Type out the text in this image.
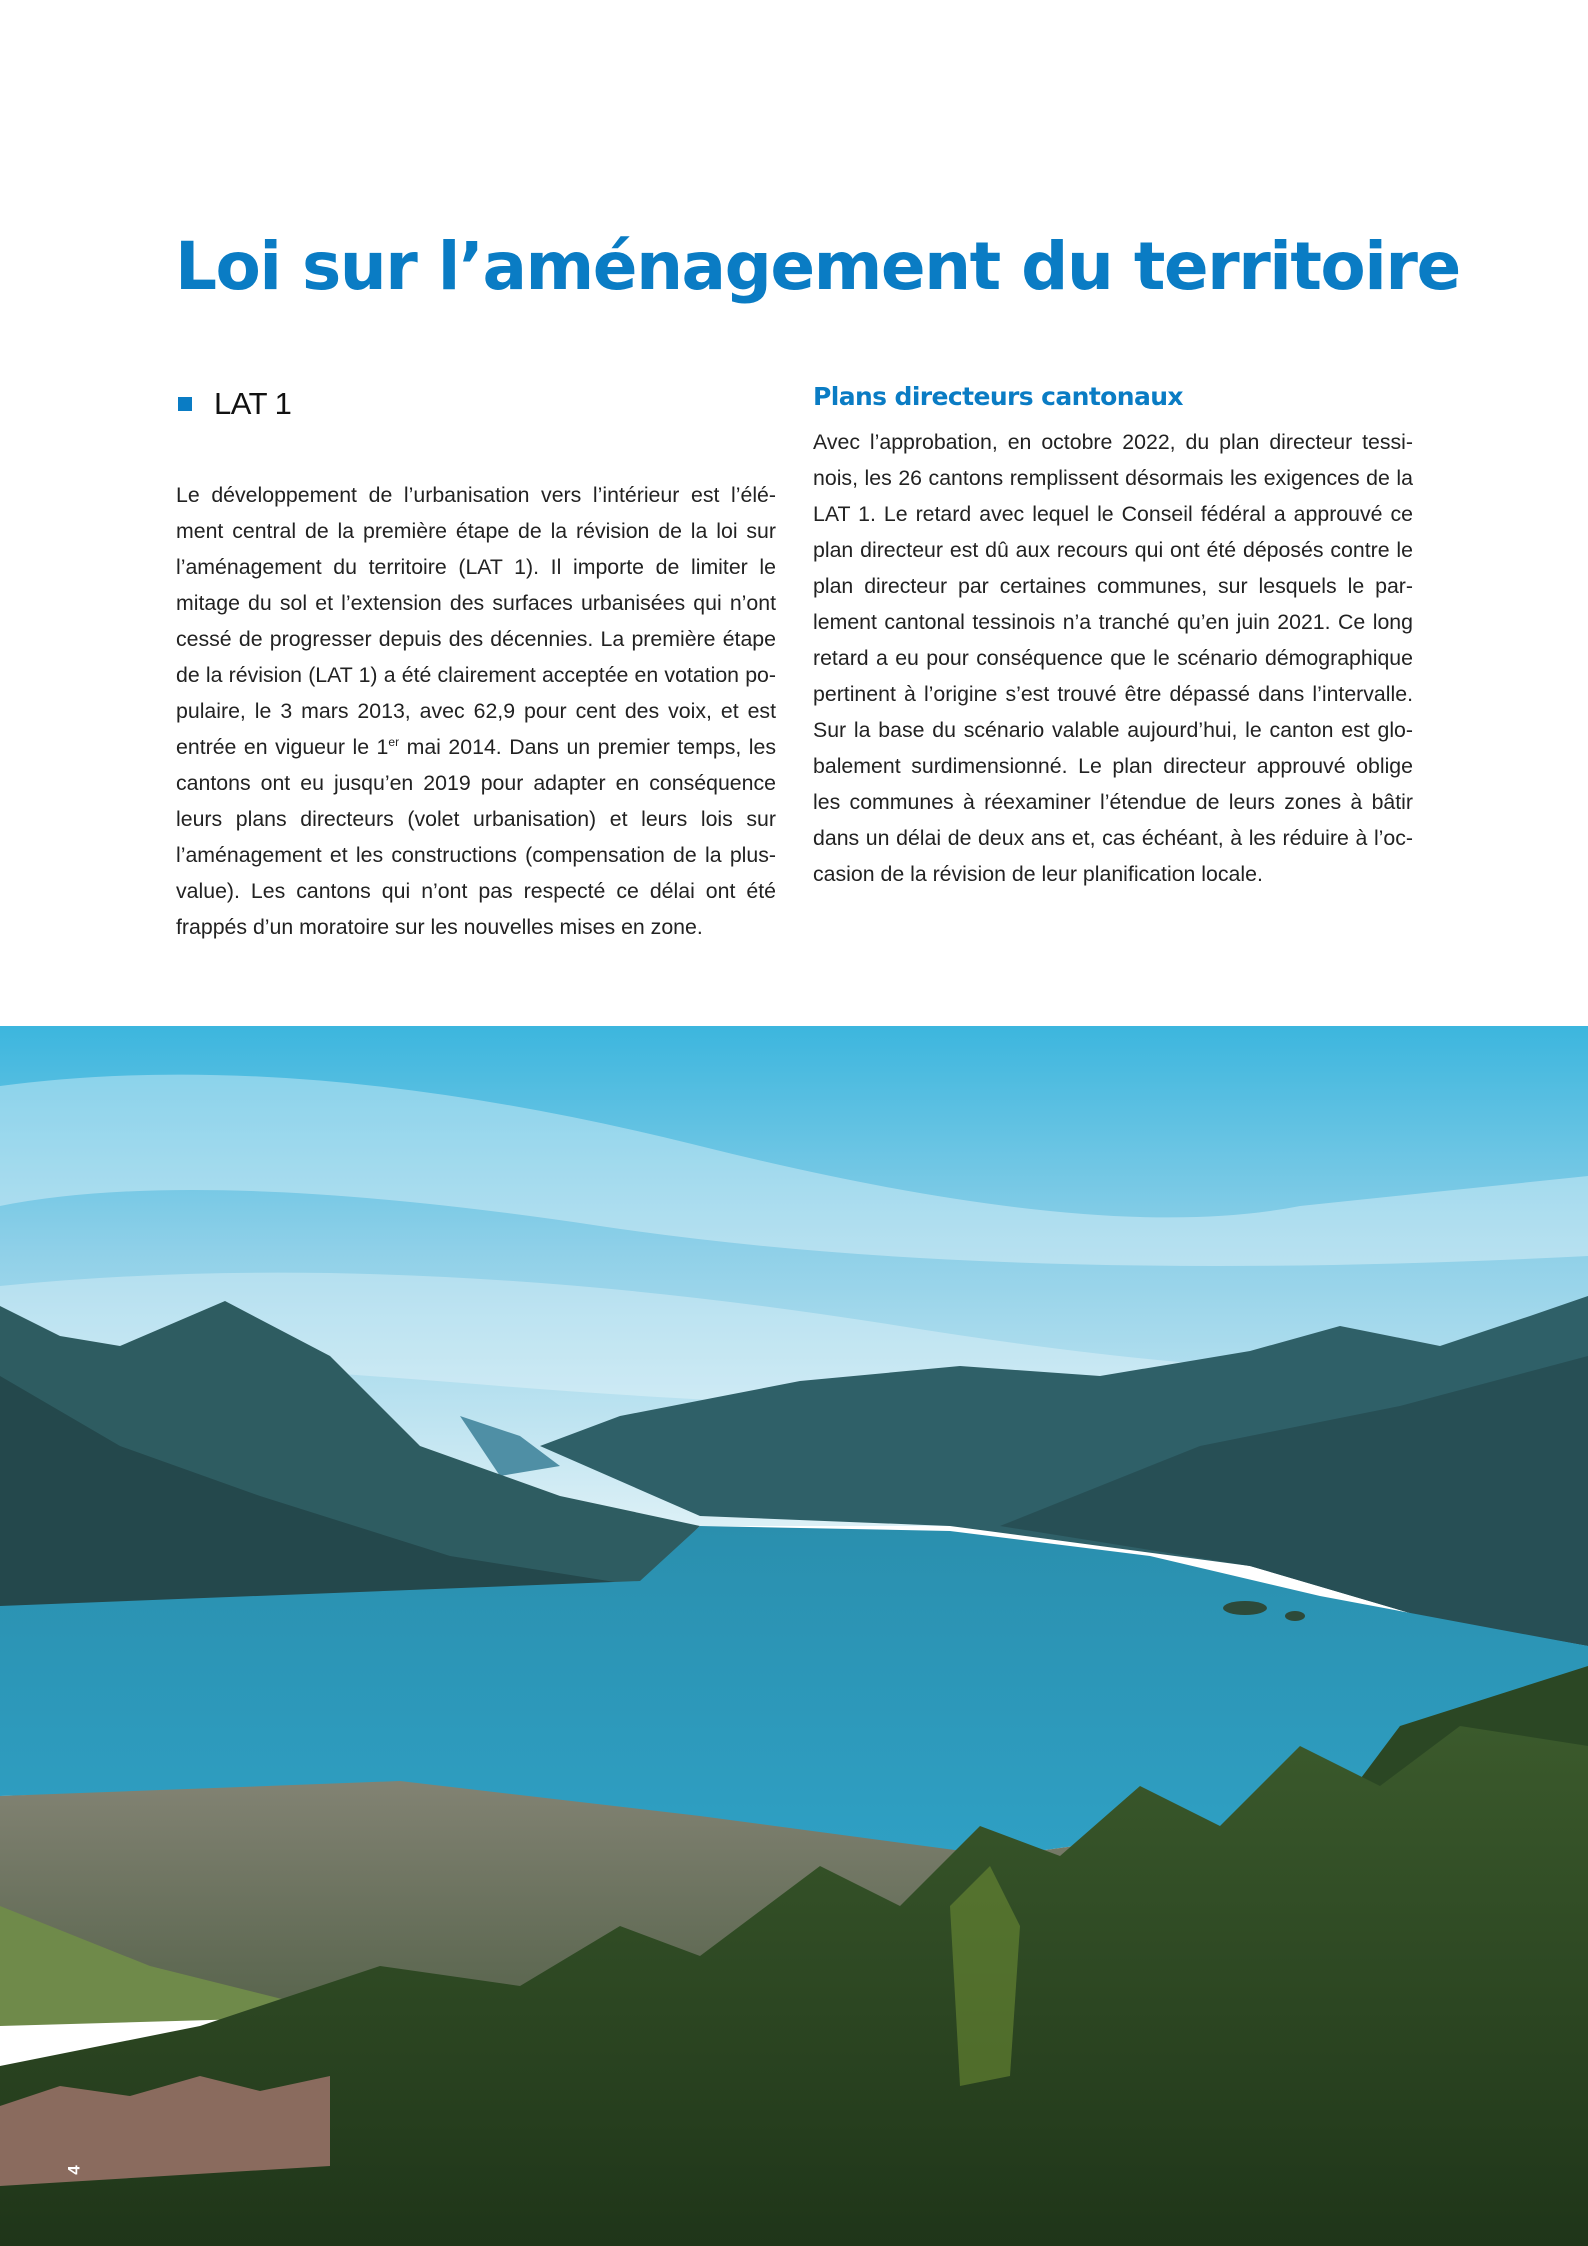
Loi sur l’aménagement du territoire
LAT 1

Le développement de l’urbanisation vers l’intérieur est l’élément central de la première étape de la révision de la loi sur l’aménagement du territoire (LAT 1). Il importe de limiter le mitage du sol et l’extension des surfaces urbanisées qui n’ont cessé de progresser depuis des décennies. La première étape de la révision (LAT 1) a été clairement acceptée en votation populaire, le 3 mars 2013, avec 62,9 pour cent des voix, et est entrée en vigueur le 1er mai 2014. Dans un premier temps, les cantons ont eu jusqu’en 2019 pour adapter en conséquence leurs plans directeurs (volet urbanisation) et leurs lois sur l’aménagement et les constructions (compensation de la plus-value). Les cantons qui n’ont pas respecté ce délai ont été frappés d’un moratoire sur les nouvelles mises en zone.

Plans directeurs cantonaux

Avec l’approbation, en octobre 2022, du plan directeur tessinois, les 26 cantons remplissent désormais les exigences de la LAT 1. Le retard avec lequel le Conseil fédéral a approuvé ce plan directeur est dû aux recours qui ont été déposés contre le plan directeur par certaines communes, sur lesquels le parlement cantonal tessinois n’a tranché qu’en juin 2021. Ce long retard a eu pour conséquence que le scénario démographique pertinent à l’origine s’est trouvé être dépassé dans l’intervalle. Sur la base du scénario valable aujourd’hui, le canton est globalement surdimensionné. Le plan directeur approuvé oblige les communes à réexaminer l’étendue de leurs zones à bâtir dans un délai de deux ans et, cas échéant, à les réduire à l’occasion de la révision de leur planification locale.

4
